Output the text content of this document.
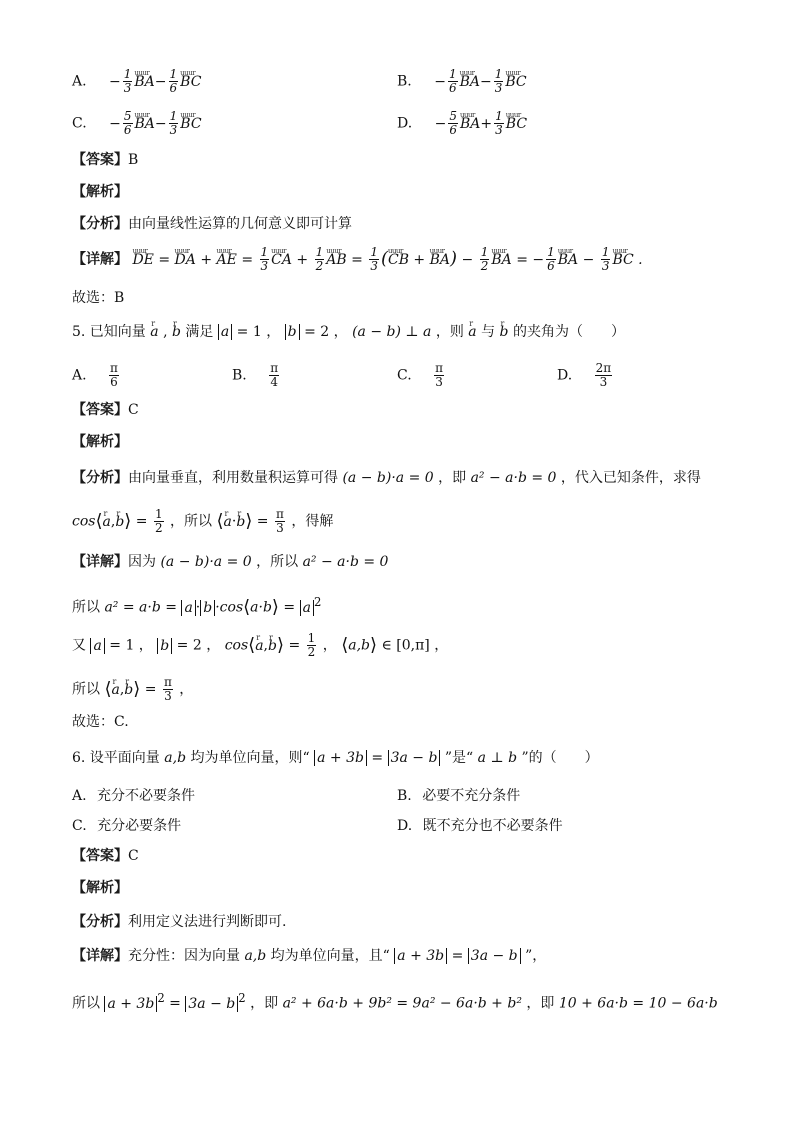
A. − $\frac{1}{3}$ uuur $BA- \frac{1}{6}$ uuur BC	B. − $\frac{1}{6}$ uuur $BA- \frac{1}{3}$ uuur BC
C. − $\frac{5}{6}$ uuur $BA- \frac{1}{3}$ uuur BC	D. − $\frac{5}{6}$ uuur $BA+ \frac{1}{3}$ uuur BC
【答案】B
【解析】
【分析】由向量线性运算的几何意义即可计算
【详解】 uuur DE = uuur DA + uuur AE = $\frac{1}{3}$ uuur CA + $\frac{1}{2}$ uuur AB = $\frac{1}{3}$ (uuur CB + uuur $BA) - \frac{1}{2}$ uuur BA = − $\frac{1}{6}$ uuur BA − $\frac{1}{3}$ uuur BC .
故选：B
5. 已知向量 r a , r b 满足 a = 1 ， b = 2 ， (a − b) ⊥ a ，则 r a 与 r b 的夹角为（　　）
A. $\frac{\pi}{6}$	B. $\frac{\pi}{4}$	C. $\frac{\pi}{3}$	D. $\frac{2\pi}{3}$
【答案】C
【解析】
【分析】由向量垂直，利用数量积运算可得 (a − b)·a = 0 ，即 a² − a·b = 0 ，代入已知条件，求得
cos⟨r a,r b⟩ = $\frac{1}{2}$ ，所以 ⟨r a·r b⟩ = $\frac{\pi}{3}$ ，得解
【详解】因为 (a − b)·a = 0 ，所以 a² − a·b = 0
所以 a² = a·b = a · b ·cos⟨a·b⟩ = a $^2$
又 a = 1 ， b = 2 ， cos⟨r a,r b⟩ = $\frac{1}{2}$ ， ⟨a,b⟩ ∈ [0,π] ，
所以 ⟨r a,r b⟩ = $\frac{\pi}{3}$ ，
故选：C.
6. 设平面向量 a,b 均为单位向量，则“ a + 3b = 3a − b ”是“ a ⊥ b ”的（　　）
A. 充分不必要条件	B. 必要不充分条件
C. 充分必要条件	D. 既不充分也不必要条件
【答案】C
【解析】
【分析】利用定义法进行判断即可.
【详解】充分性：因为向量 a,b 均为单位向量，且“ a + 3b = 3a − b ”，
所以 a + 3b $^2$ = 3a − b $^2$ ，即 a² + 6a·b + 9b² = 9a² − 6a·b + b² ，即 10 + 6a·b = 10 − 6a·b
